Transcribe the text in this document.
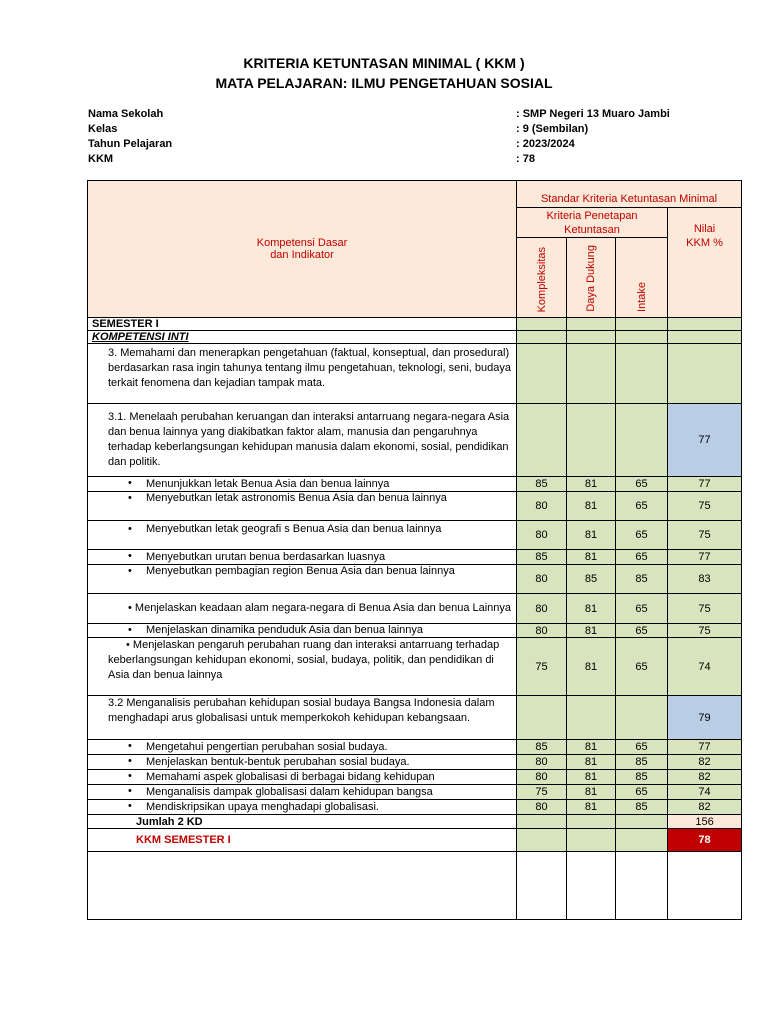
KRITERIA KETUNTASAN MINIMAL ( KKM )
MATA PELAJARAN: ILMU PENGETAHUAN SOSIAL
Nama Sekolah	: SMP Negeri 13 Muaro Jambi
Kelas	: 9 (Sembilan)
Tahun Pelajaran	: 2023/2024
KKM	: 78
Kompetensi Dasar
dan Indikator	Standar Kriteria Ketuntasan Minimal			
	Kriteria Penetapan Ketuntasan			Nilai
KKM %

	Kompleksitas	Daya Dukung	Intake	
SEMESTER I				
KOMPETENSI INTI				
3. Memahami dan menerapkan pengetahuan (faktual, konseptual, dan prosedural) berdasarkan rasa ingin tahunya tentang ilmu pengetahuan, teknologi, seni, budaya terkait fenomena dan kejadian tampak mata.				
3.1. Menelaah perubahan keruangan dan interaksi antarruang negara-negara Asia dan benua lainnya yang diakibatkan faktor alam, manusia dan pengaruhnya terhadap keberlangsungan kehidupan manusia dalam ekonomi, sosial, pendidikan dan politik.				77

• Menunjukkan letak Benua Asia dan benua lainnya	85	81	65	77

• Menyebutkan letak astronomis Benua Asia dan benua lainnya	80	81	65	75

• Menyebutkan letak geografi s Benua Asia dan benua lainnya	80	81	65	75

• Menyebutkan urutan benua berdasarkan luasnya	85	81	65	77

• Menyebutkan pembagian region Benua Asia dan benua lainnya	80	85	85	83

• Menjelaskan keadaan alam negara-negara di Benua Asia dan benua Lainnya	80	81	65	75

• Menjelaskan dinamika penduduk Asia dan benua lainnya	80	81	65	75

• Menjelaskan pengaruh perubahan ruang dan interaksi antarruang terhadap keberlangsungan kehidupan ekonomi, sosial, budaya, politik, dan pendidikan di Asia dan benua lainnya	75	81	65	74
3.2 Menganalisis perubahan kehidupan sosial budaya Bangsa Indonesia dalam menghadapi arus globalisasi untuk memperkokoh kehidupan kebangsaan.				79

• Mengetahui pengertian perubahan sosial budaya.	85	81	65	77

• Menjelaskan bentuk-bentuk perubahan sosial budaya.	80	81	85	82

• Memahami aspek globalisasi di berbagai bidang kehidupan	80	81	85	82

• Menganalisis dampak globalisasi dalam kehidupan bangsa	75	81	65	74

• Mendiskripsikan upaya menghadapi globalisasi.	80	81	85	82
Jumlah 2 KD				156
KKM SEMESTER I				78
